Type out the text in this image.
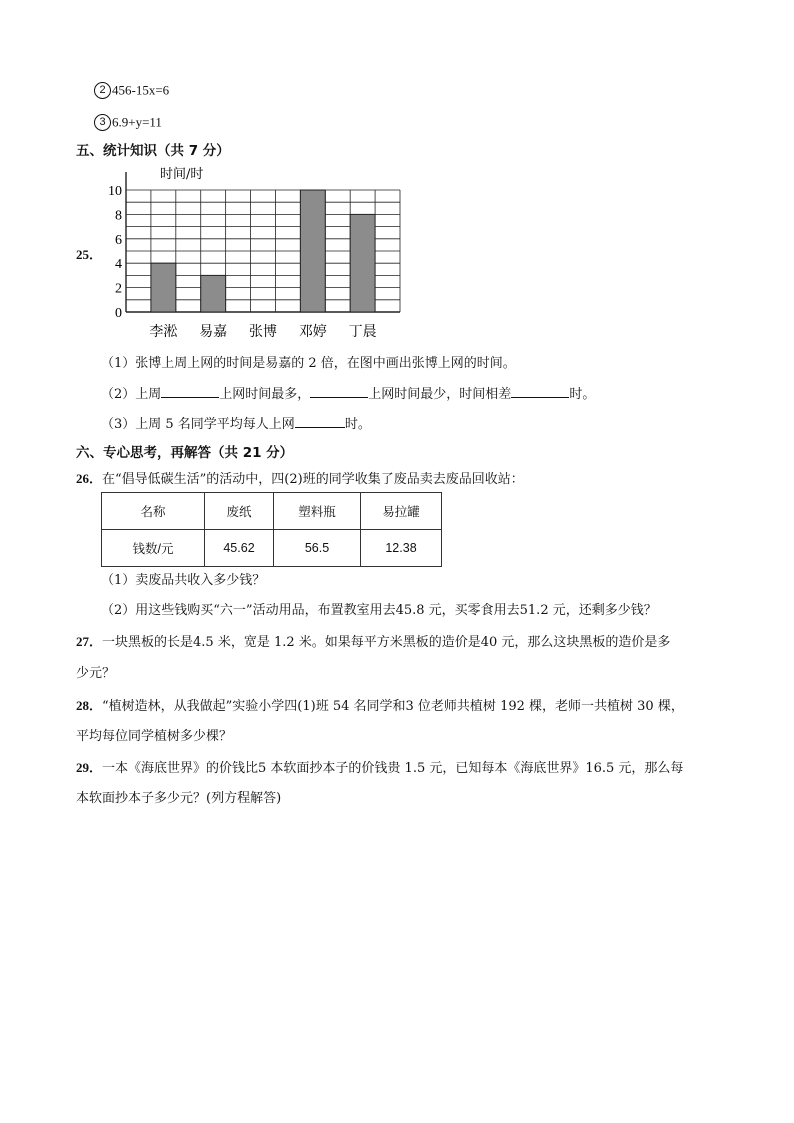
2 456-15x=6
3 6.9+y=11
五、统计知识（共 7 分）
25．
0
2
4
6
8
10
李淞 易嘉 张博 邓婷 丁晨
时间/时
（1）张博上周上网的时间是易嘉的 2 倍，在图中画出张博上网的时间。
（2）上周	上网时间最多，	上网时间最少，时间相差	时。
（3）上周 5 名同学平均每人上网	时。
六、专心思考，再解答（共 21 分）
26．在“倡导低碳生活”的活动中，四(2)班的同学收集了废品卖去废品回收站：
名称	废纸	塑料瓶	易拉罐
钱数/元	45.62	56.5	12.38
（1）卖废品共收入多少钱？
（2）用这些钱购买“六一”活动用品，布置教室用去45.8 元，买零食用去51.2 元，还剩多少钱？
27．一块黑板的长是4.5 米，宽是 1.2 米。如果每平方米黑板的造价是40 元，那么这块黑板的造价是多
少元？
28．“植树造林，从我做起”实验小学四(1)班 54 名同学和3 位老师共植树 192 棵，老师一共植树 30 棵，
平均每位同学植树多少棵？
29．一本《海底世界》的价钱比5 本软面抄本子的价钱贵 1.5 元，已知每本《海底世界》16.5 元，那么每
本软面抄本子多少元？(列方程解答)
